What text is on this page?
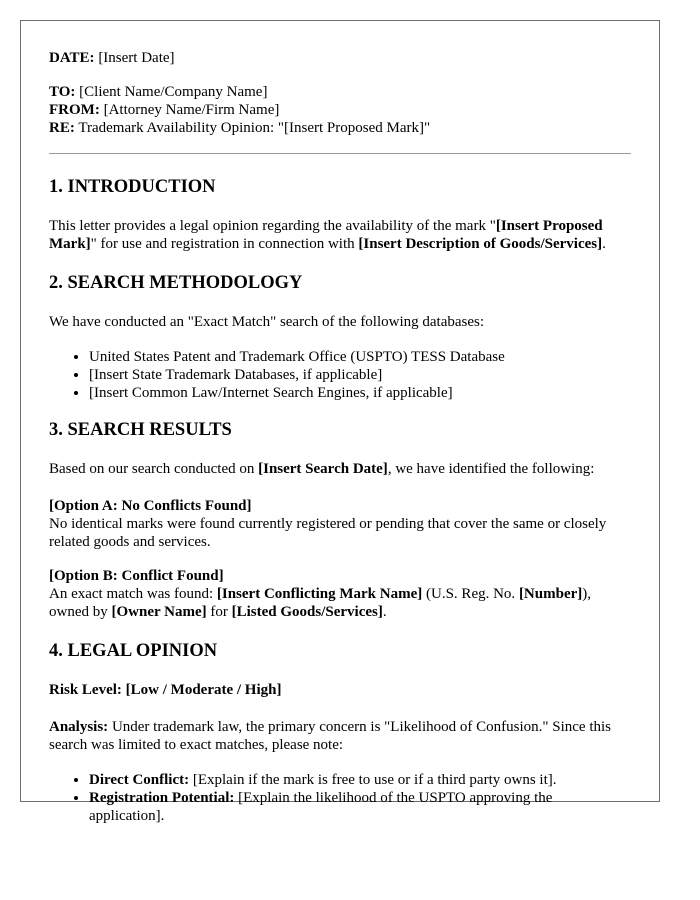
DATE: [Insert Date]

TO: [Client Name/Company Name]

FROM: [Attorney Name/Firm Name]

RE: Trademark Availability Opinion: "[Insert Proposed Mark]"

1. INTRODUCTION

This letter provides a legal opinion regarding the availability of the mark "[Insert Proposed Mark]" for use and registration in connection with [Insert Description of Goods/Services].

2. SEARCH METHODOLOGY

We have conducted an "Exact Match" search of the following databases:

• United States Patent and Trademark Office (USPTO) TESS Database
• [Insert State Trademark Databases, if applicable]
• [Insert Common Law/Internet Search Engines, if applicable]
3. SEARCH RESULTS

Based on our search conducted on [Insert Search Date], we have identified the following:

[Option A: No Conflicts Found]

No identical marks were found currently registered or pending that cover the same or closely related goods and services.

[Option B: Conflict Found]

An exact match was found: [Insert Conflicting Mark Name] (U.S. Reg. No. [Number]), owned by [Owner Name] for [Listed Goods/Services].

4. LEGAL OPINION

Risk Level: [Low / Moderate / High]

Analysis: Under trademark law, the primary concern is "Likelihood of Confusion." Since this search was limited to exact matches, please note:

• Direct Conflict: [Explain if the mark is free to use or if a third party owns it].
• Registration Potential: [Explain the likelihood of the USPTO approving the application].
